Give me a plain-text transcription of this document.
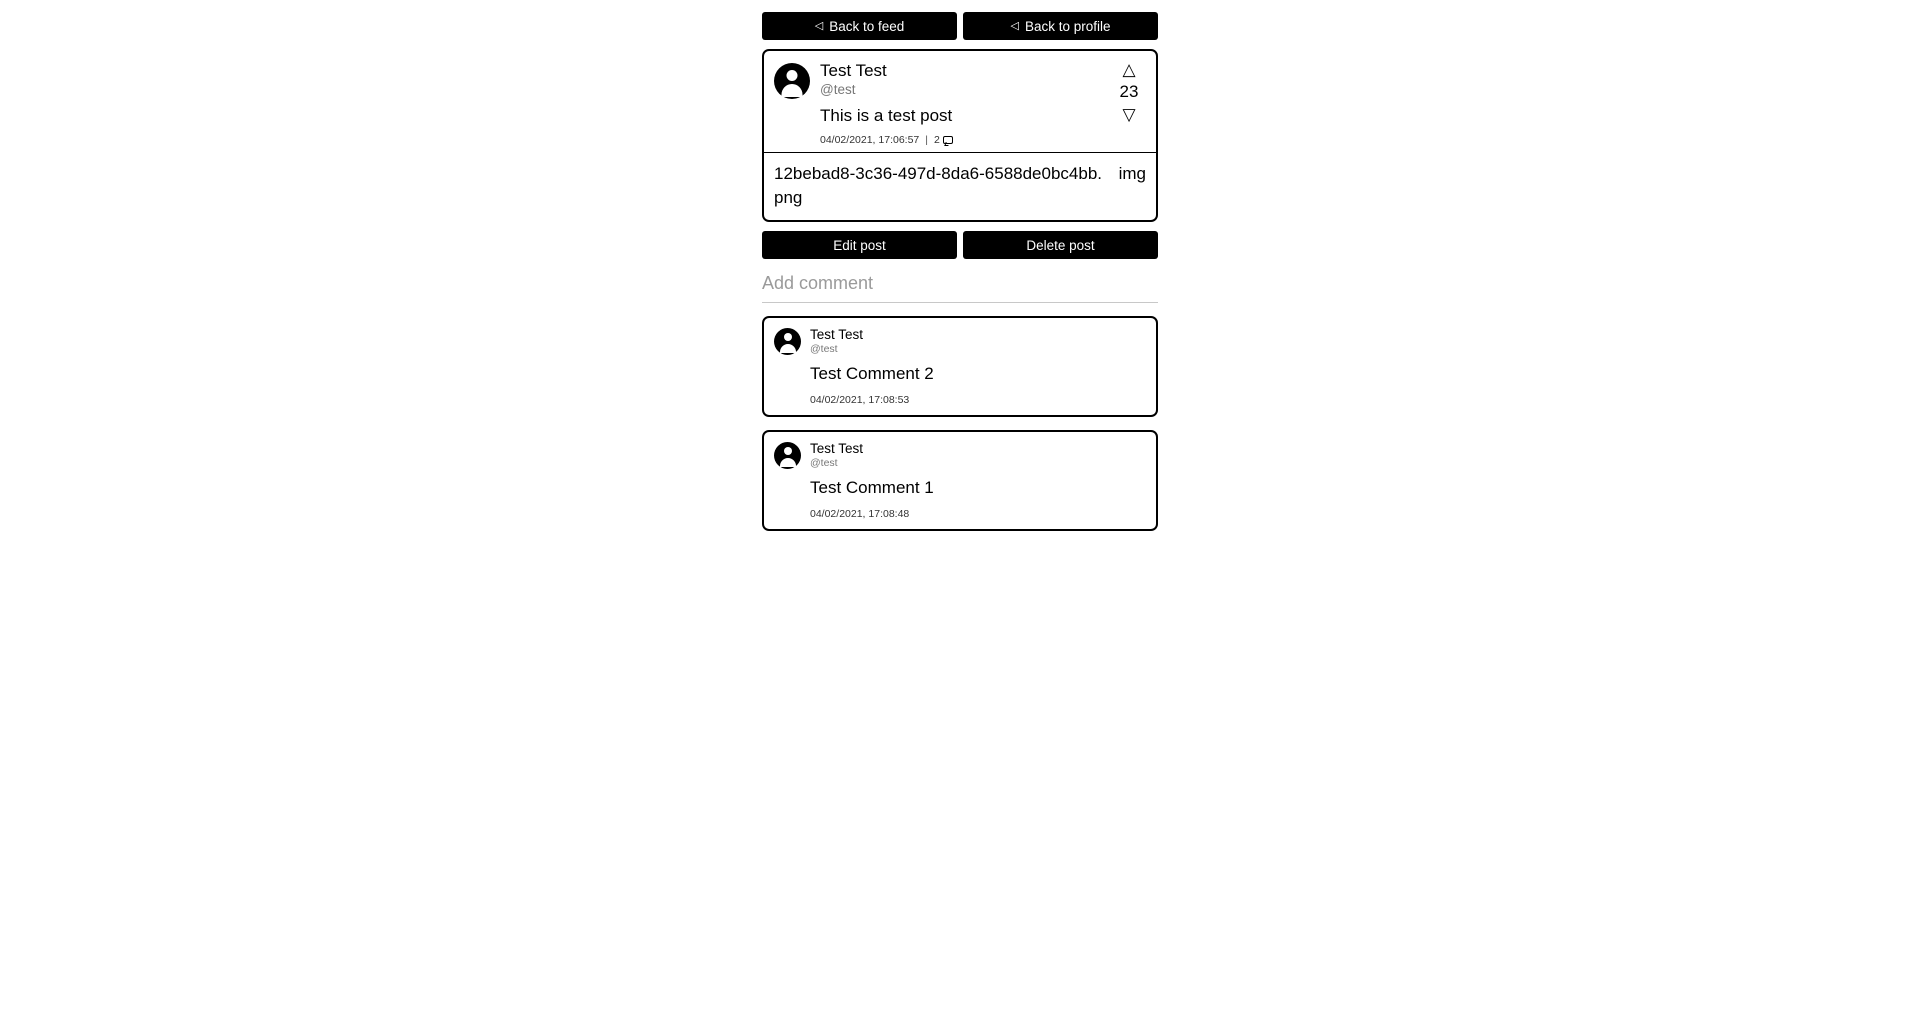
◁ Back to feed	◁ Back to profile
Test Test
@test
This is a test post
04/02/2021, 17:06:57 | 2
△
23
▽
12bebad8-3c36-497d-8da6-6588de0bc4bb.png
img
Edit post	Delete post
Add comment
Test Test
@test
Test Comment 2
04/02/2021, 17:08:53
Test Test
@test
Test Comment 1
04/02/2021, 17:08:48
